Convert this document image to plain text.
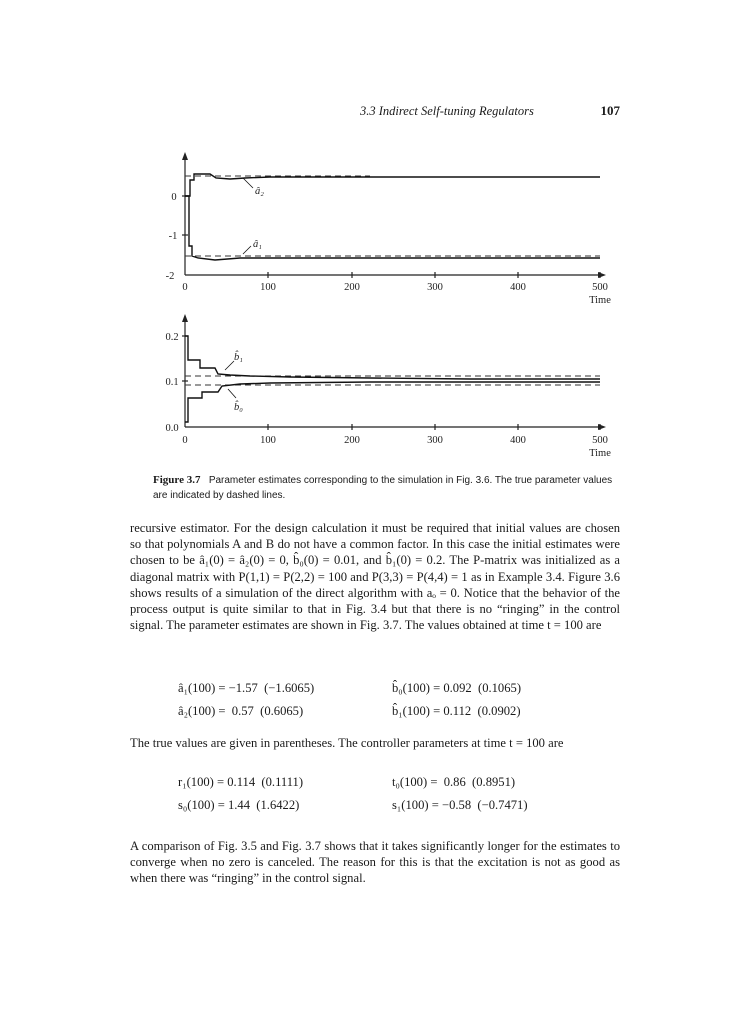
3.3 Indirect Self-tuning Regulators	107
0
-1
-2
0	100	200	300	400	500
Time
â₂
â₁
0.2
0.1
0.0
0	100	200	300	400	500
Time
b̂₁
b̂₀
Figure 3.7 Parameter estimates corresponding to the simulation in Fig. 3.6. The true parameter values are indicated by dashed lines.
recursive estimator. For the design calculation it must be required that initial values are chosen so that polynomials A and B do not have a common factor. In this case the initial estimates were chosen to be â₁(0) = â₂(0) = 0, b̂₀(0) = 0.01, and b̂₁(0) = 0.2. The P-matrix was initialized as a diagonal matrix with P(1,1) = P(2,2) = 100 and P(3,3) = P(4,4) = 1 as in Example 3.4. Figure 3.6 shows results of a simulation of the direct algorithm with aₒ = 0. Notice that the behavior of the process output is quite similar to that in Fig. 3.4 but that there is no “ringing” in the control signal. The parameter estimates are shown in Fig. 3.7. The values obtained at time t = 100 are
â₁(100) = −1.57  (−1.6065)	b̂₀(100) = 0.092  (0.1065)
â₂(100) =  0.57  (0.6065)	b̂₁(100) = 0.112  (0.0902)
The true values are given in parentheses. The controller parameters at time t = 100 are
r₁(100) = 0.114  (0.1111)	t₀(100) =  0.86  (0.8951)
s₀(100) = 1.44  (1.6422)	s₁(100) = −0.58  (−0.7471)
A comparison of Fig. 3.5 and Fig. 3.7 shows that it takes significantly longer for the estimates to converge when no zero is canceled. The reason for this is that the excitation is not as good as when there was “ringing” in the control signal.
